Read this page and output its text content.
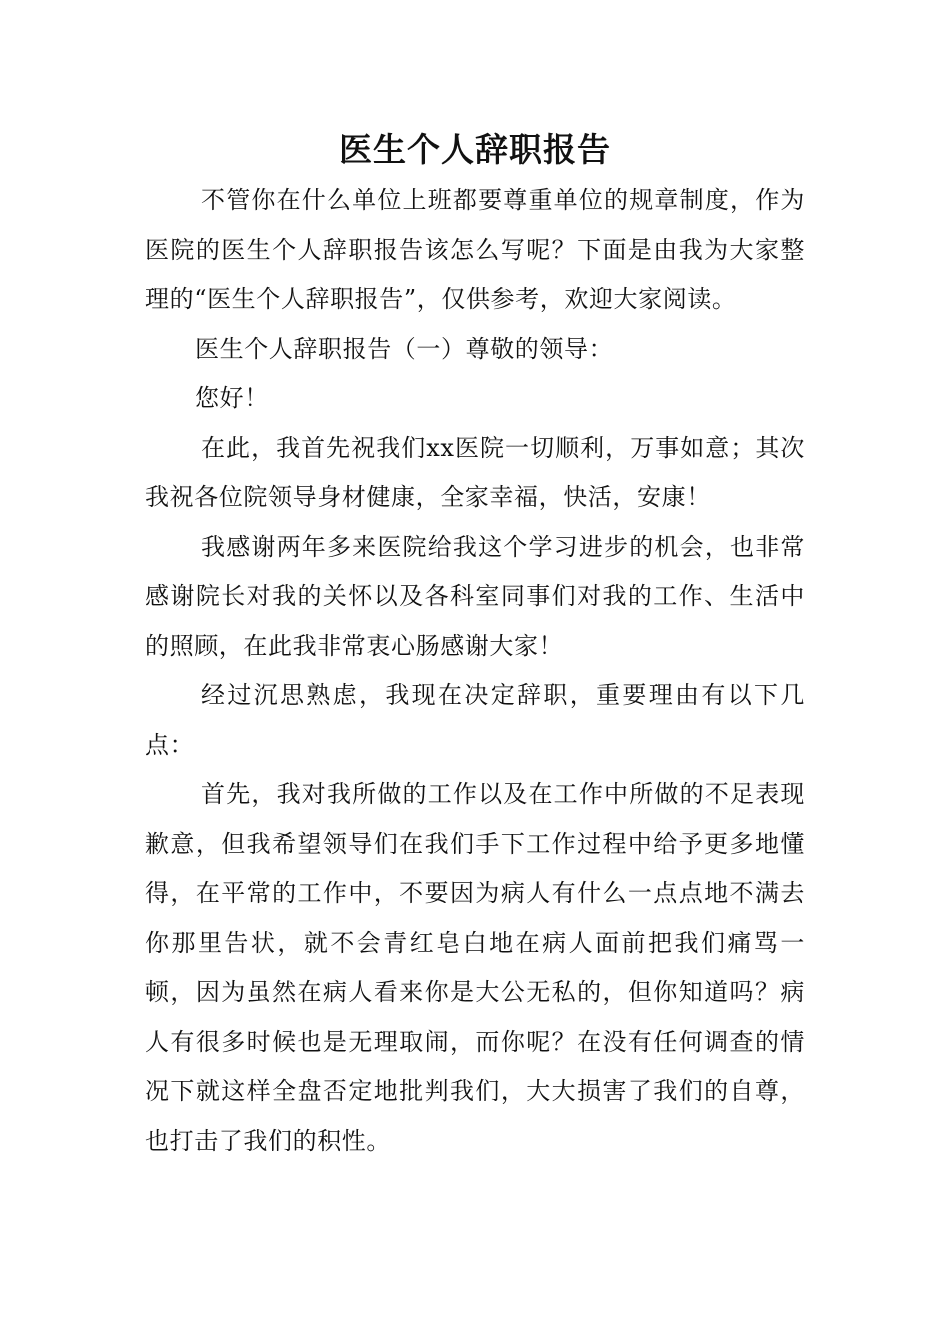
医生个人辞职报告

不管你在什么单位上班都要尊重单位的规章制度，作为医院的医生个人辞职报告该怎么写呢？下面是由我为大家整理的“医生个人辞职报告”，仅供参考，欢迎大家阅读。

医生个人辞职报告（一）尊敬的领导：

您好！

在此，我首先祝我们xx医院一切顺利，万事如意；其次我祝各位院领导身材健康，全家幸福，快活，安康！

我感谢两年多来医院给我这个学习进步的机会，也非常感谢院长对我的关怀以及各科室同事们对我的工作、生活中的照顾，在此我非常衷心肠感谢大家！

经过沉思熟虑，我现在决定辞职，重要理由有以下几点：

首先，我对我所做的工作以及在工作中所做的不足表现歉意，但我希望领导们在我们手下工作过程中给予更多地懂得，在平常的工作中，不要因为病人有什么一点点地不满去你那里告状，就不会青红皂白地在病人面前把我们痛骂一顿，因为虽然在病人看来你是大公无私的，但你知道吗？病人有很多时候也是无理取闹，而你呢？在没有任何调查的情况下就这样全盘否定地批判我们，大大损害了我们的自尊，也打击了我们的积性。
